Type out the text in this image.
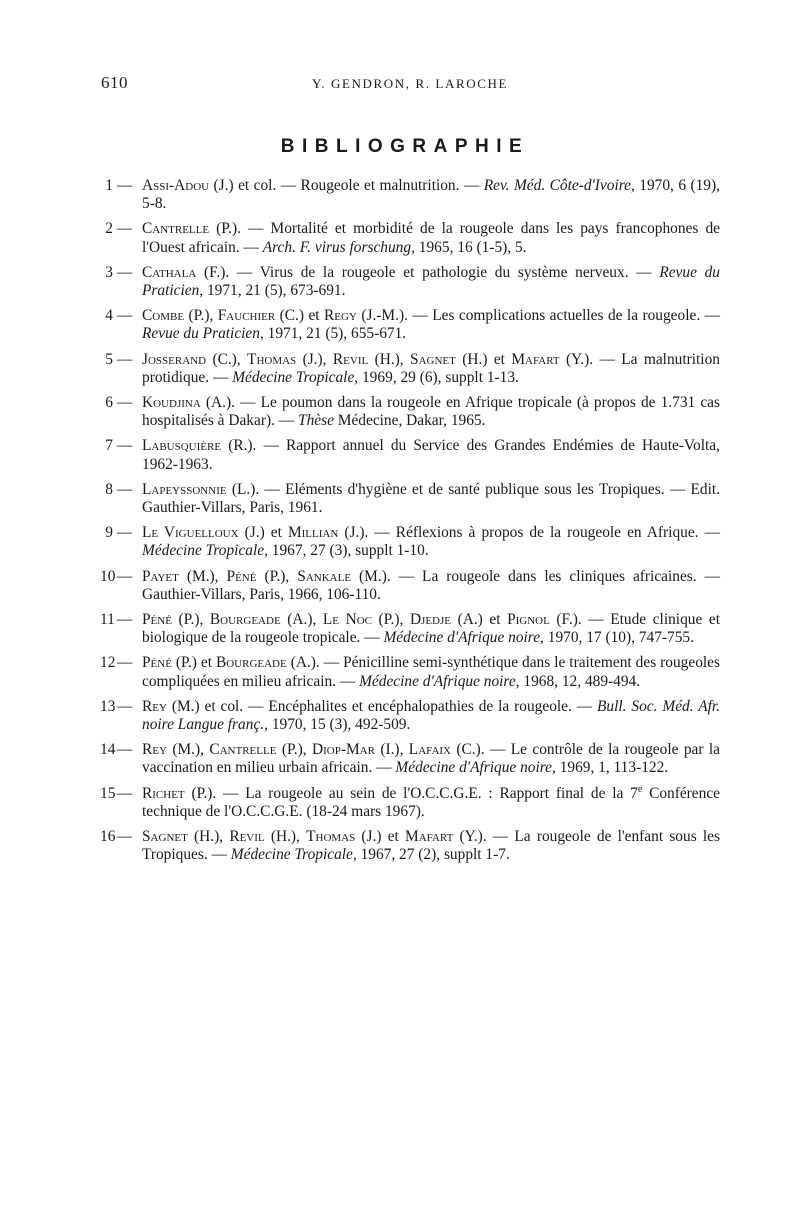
610	Y. GENDRON, R. LAROCHE
BIBLIOGRAPHIE
1 — Assi-Adou (J.) et col. — Rougeole et malnutrition. — Rev. Méd. Côte-d'Ivoire, 1970, 6 (19), 5-8.
2 — Cantrelle (P.). — Mortalité et morbidité de la rougeole dans les pays francophones de l'Ouest africain. — Arch. F. virus forschung, 1965, 16 (1-5), 5.
3 — Cathala (F.). — Virus de la rougeole et pathologie du système nerveux. — Revue du Praticien, 1971, 21 (5), 673-691.
4 — Combe (P.), Fauchier (C.) et Regy (J.-M.). — Les complications actuelles de la rougeole. — Revue du Praticien, 1971, 21 (5), 655-671.
5 — Josserand (C.), Thomas (J.), Revil (H.), Sagnet (H.) et Mafart (Y.). — La malnutrition protidique. — Médecine Tropicale, 1969, 29 (6), supplt 1-13.
6 — Koudjina (A.). — Le poumon dans la rougeole en Afrique tropicale (à propos de 1.731 cas hospitalisés à Dakar). — Thèse Médecine, Dakar, 1965.
7 — Labusquière (R.). — Rapport annuel du Service des Grandes Endémies de Haute-Volta, 1962-1963.
8 — Lapeyssonnie (L.). — Eléments d'hygiène et de santé publique sous les Tropiques. — Edit. Gauthier-Villars, Paris, 1961.
9 — Le Viguelloux (J.) et Millian (J.). — Réflexions à propos de la rougeole en Afrique. — Médecine Tropicale, 1967, 27 (3), supplt 1-10.
10 — Payet (M.), Péné (P.), Sankale (M.). — La rougeole dans les cliniques africaines. — Gauthier-Villars, Paris, 1966, 106-110.
11 — Péné (P.), Bourgeade (A.), Le Noc (P.), Djedje (A.) et Pignol (F.). — Etude clinique et biologique de la rougeole tropicale. — Médecine d'Afrique noire, 1970, 17 (10), 747-755.
12 — Péné (P.) et Bourgeade (A.). — Pénicilline semi-synthétique dans le traitement des rougeoles compliquées en milieu africain. — Médecine d'Afrique noire, 1968, 12, 489-494.
13 — Rey (M.) et col. — Encéphalites et encéphalopathies de la rougeole. — Bull. Soc. Méd. Afr. noire Langue franç., 1970, 15 (3), 492-509.
14 — Rey (M.), Cantrelle (P.), Diop-Mar (I.), Lafaix (C.). — Le contrôle de la rougeole par la vaccination en milieu urbain africain. — Médecine d'Afrique noire, 1969, 1, 113-122.
15 — Richet (P.). — La rougeole au sein de l'O.C.C.G.E. : Rapport final de la 7e Conférence technique de l'O.C.C.G.E. (18-24 mars 1967).
16 — Sagnet (H.), Revil (H.), Thomas (J.) et Mafart (Y.). — La rougeole de l'enfant sous les Tropiques. — Médecine Tropicale, 1967, 27 (2), supplt 1-7.
